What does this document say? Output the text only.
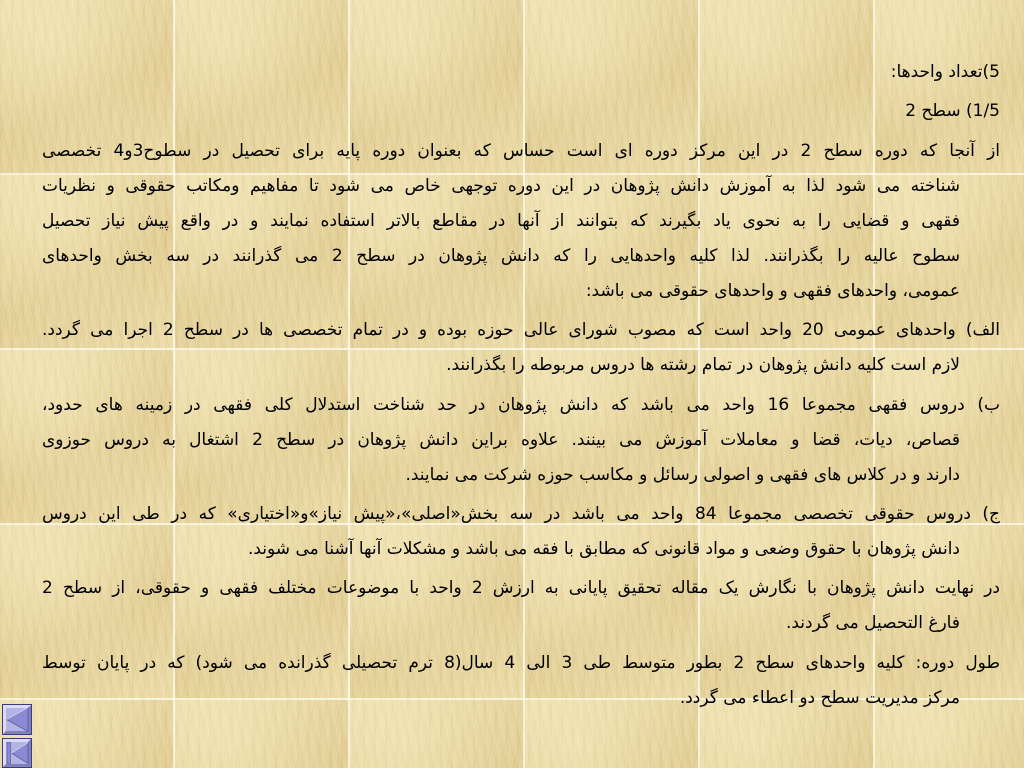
5)تعداد واحدها:
1/5) سطح 2
از آنجا که دوره سطح 2 در این مرکز دوره ای است حساس که بعنوان دوره پایه برای تحصیل در سطوح3و4 تخصصی
شناخته می شود لذا به آموزش دانش پژوهان در این دوره توجهی خاص می شود تا مفاهیم ومکاتب حقوقی و نظریات
فقهی و قضایی را به نحوی یاد بگیرند که بتوانند از آنها در مقاطع بالاتر استفاده نمایند و در واقع پیش نیاز تحصیل
سطوح عالیه را بگذرانند. لذا کلیه واحدهایی را که دانش پژوهان در سطح 2 می گذرانند در سه بخش واحدهای
عمومی، واحدهای فقهی و واحدهای حقوقی می باشد:
الف) واحدهای عمومی 20 واحد است که مصوب شورای عالی حوزه بوده و در تمام تخصصی ها در سطح 2 اجرا می گردد.
لازم است کلیه دانش پژوهان در تمام رشته ها دروس مربوطه را بگذرانند.
ب) دروس فقهی مجموعا 16 واحد می باشد که دانش پژوهان در حد شناخت استدلال کلی فقهی در زمینه های حدود،
قصاص، دیات، قضا و معاملات آموزش می بینند. علاوه براین دانش پژوهان در سطح 2 اشتغال به دروس حوزوی
دارند و در کلاس های فقهی و اصولی رسائل و مکاسب حوزه شرکت می نمایند.
ج) دروس حقوقی تخصصی مجموعا 84 واحد می باشد در سه بخش«اصلی»،«پیش نیاز»و«اختیاری» که در طی این دروس
دانش پژوهان با حقوق وضعی و مواد قانونی که مطابق با فقه می باشد و مشکلات آنها آشنا می شوند.
در نهایت دانش پژوهان با نگارش یک مقاله تحقیق پایانی به ارزش 2 واحد با موضوعات مختلف فقهی و حقوقی، از سطح 2
فارغ التحصیل می گردند.
طول دوره: کلیه واحدهای سطح 2 بطور متوسط طی 3 الی 4 سال(8 ترم تحصیلی گذرانده می شود) که در پایان توسط
مرکز مدیریت سطح دو اعطاء می گردد.
